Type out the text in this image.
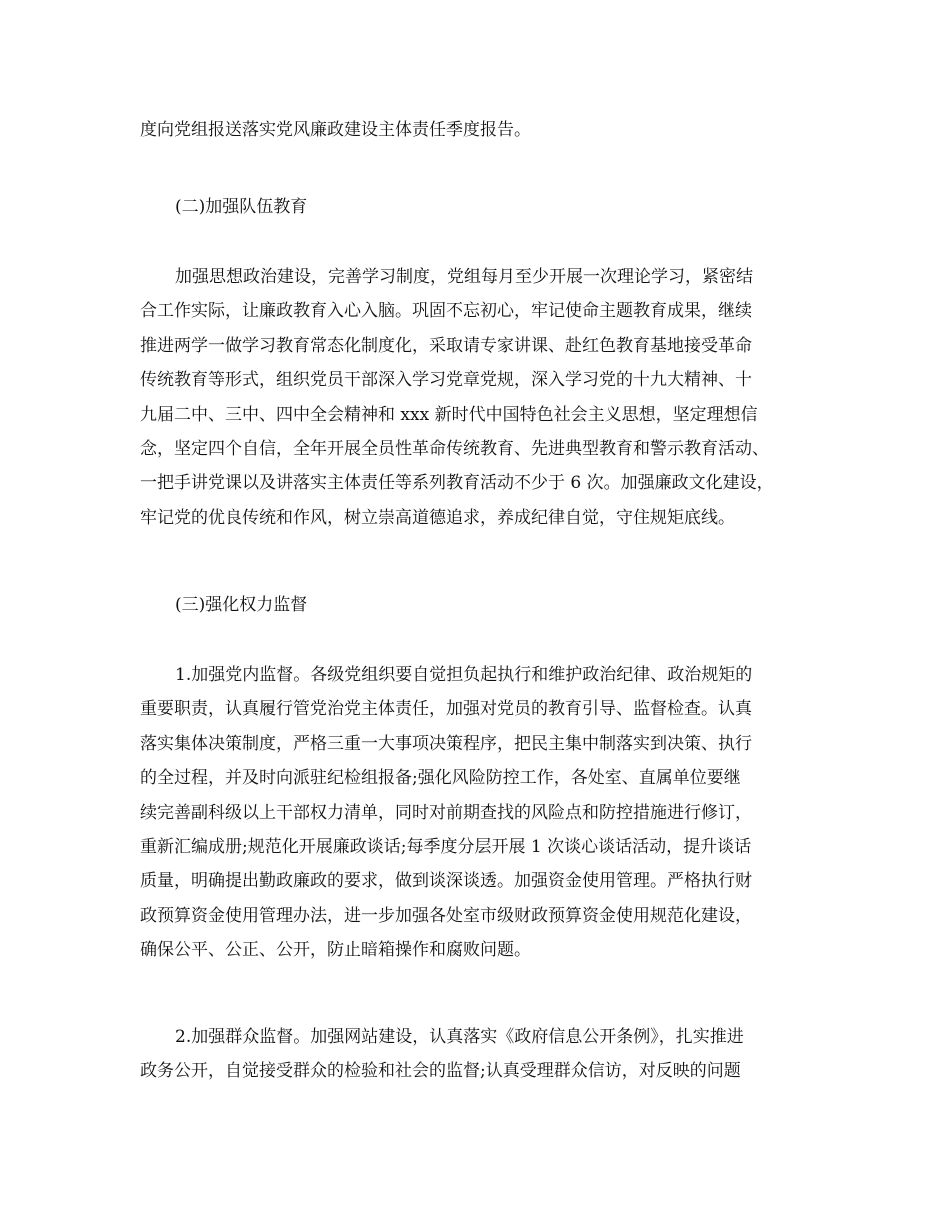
度向党组报送落实党风廉政建设主体责任季度报告。
(二)加强队伍教育
加强思想政治建设，完善学习制度，党组每月至少开展一次理论学习，紧密结
合工作实际，让廉政教育入心入脑。巩固不忘初心，牢记使命主题教育成果，继续
推进两学一做学习教育常态化制度化，采取请专家讲课、赴红色教育基地接受革命
传统教育等形式，组织党员干部深入学习党章党规，深入学习党的十九大精神、十
九届二中、三中、四中全会精神和 xxx 新时代中国特色社会主义思想，坚定理想信
念，坚定四个自信，全年开展全员性革命传统教育、先进典型教育和警示教育活动、
一把手讲党课以及讲落实主体责任等系列教育活动不少于 6 次。加强廉政文化建设，
牢记党的优良传统和作风，树立崇高道德追求，养成纪律自觉，守住规矩底线。
(三)强化权力监督
1.加强党内监督。各级党组织要自觉担负起执行和维护政治纪律、政治规矩的
重要职责，认真履行管党治党主体责任，加强对党员的教育引导、监督检查。认真
落实集体决策制度，严格三重一大事项决策程序，把民主集中制落实到决策、执行
的全过程，并及时向派驻纪检组报备;强化风险防控工作，各处室、直属单位要继
续完善副科级以上干部权力清单，同时对前期查找的风险点和防控措施进行修订，
重新汇编成册;规范化开展廉政谈话;每季度分层开展 1 次谈心谈话活动，提升谈话
质量，明确提出勤政廉政的要求，做到谈深谈透。加强资金使用管理。严格执行财
政预算资金使用管理办法，进一步加强各处室市级财政预算资金使用规范化建设，
确保公平、公正、公开，防止暗箱操作和腐败问题。
2.加强群众监督。加强网站建设，认真落实《政府信息公开条例》，扎实推进
政务公开，自觉接受群众的检验和社会的监督;认真受理群众信访，对反映的问题
